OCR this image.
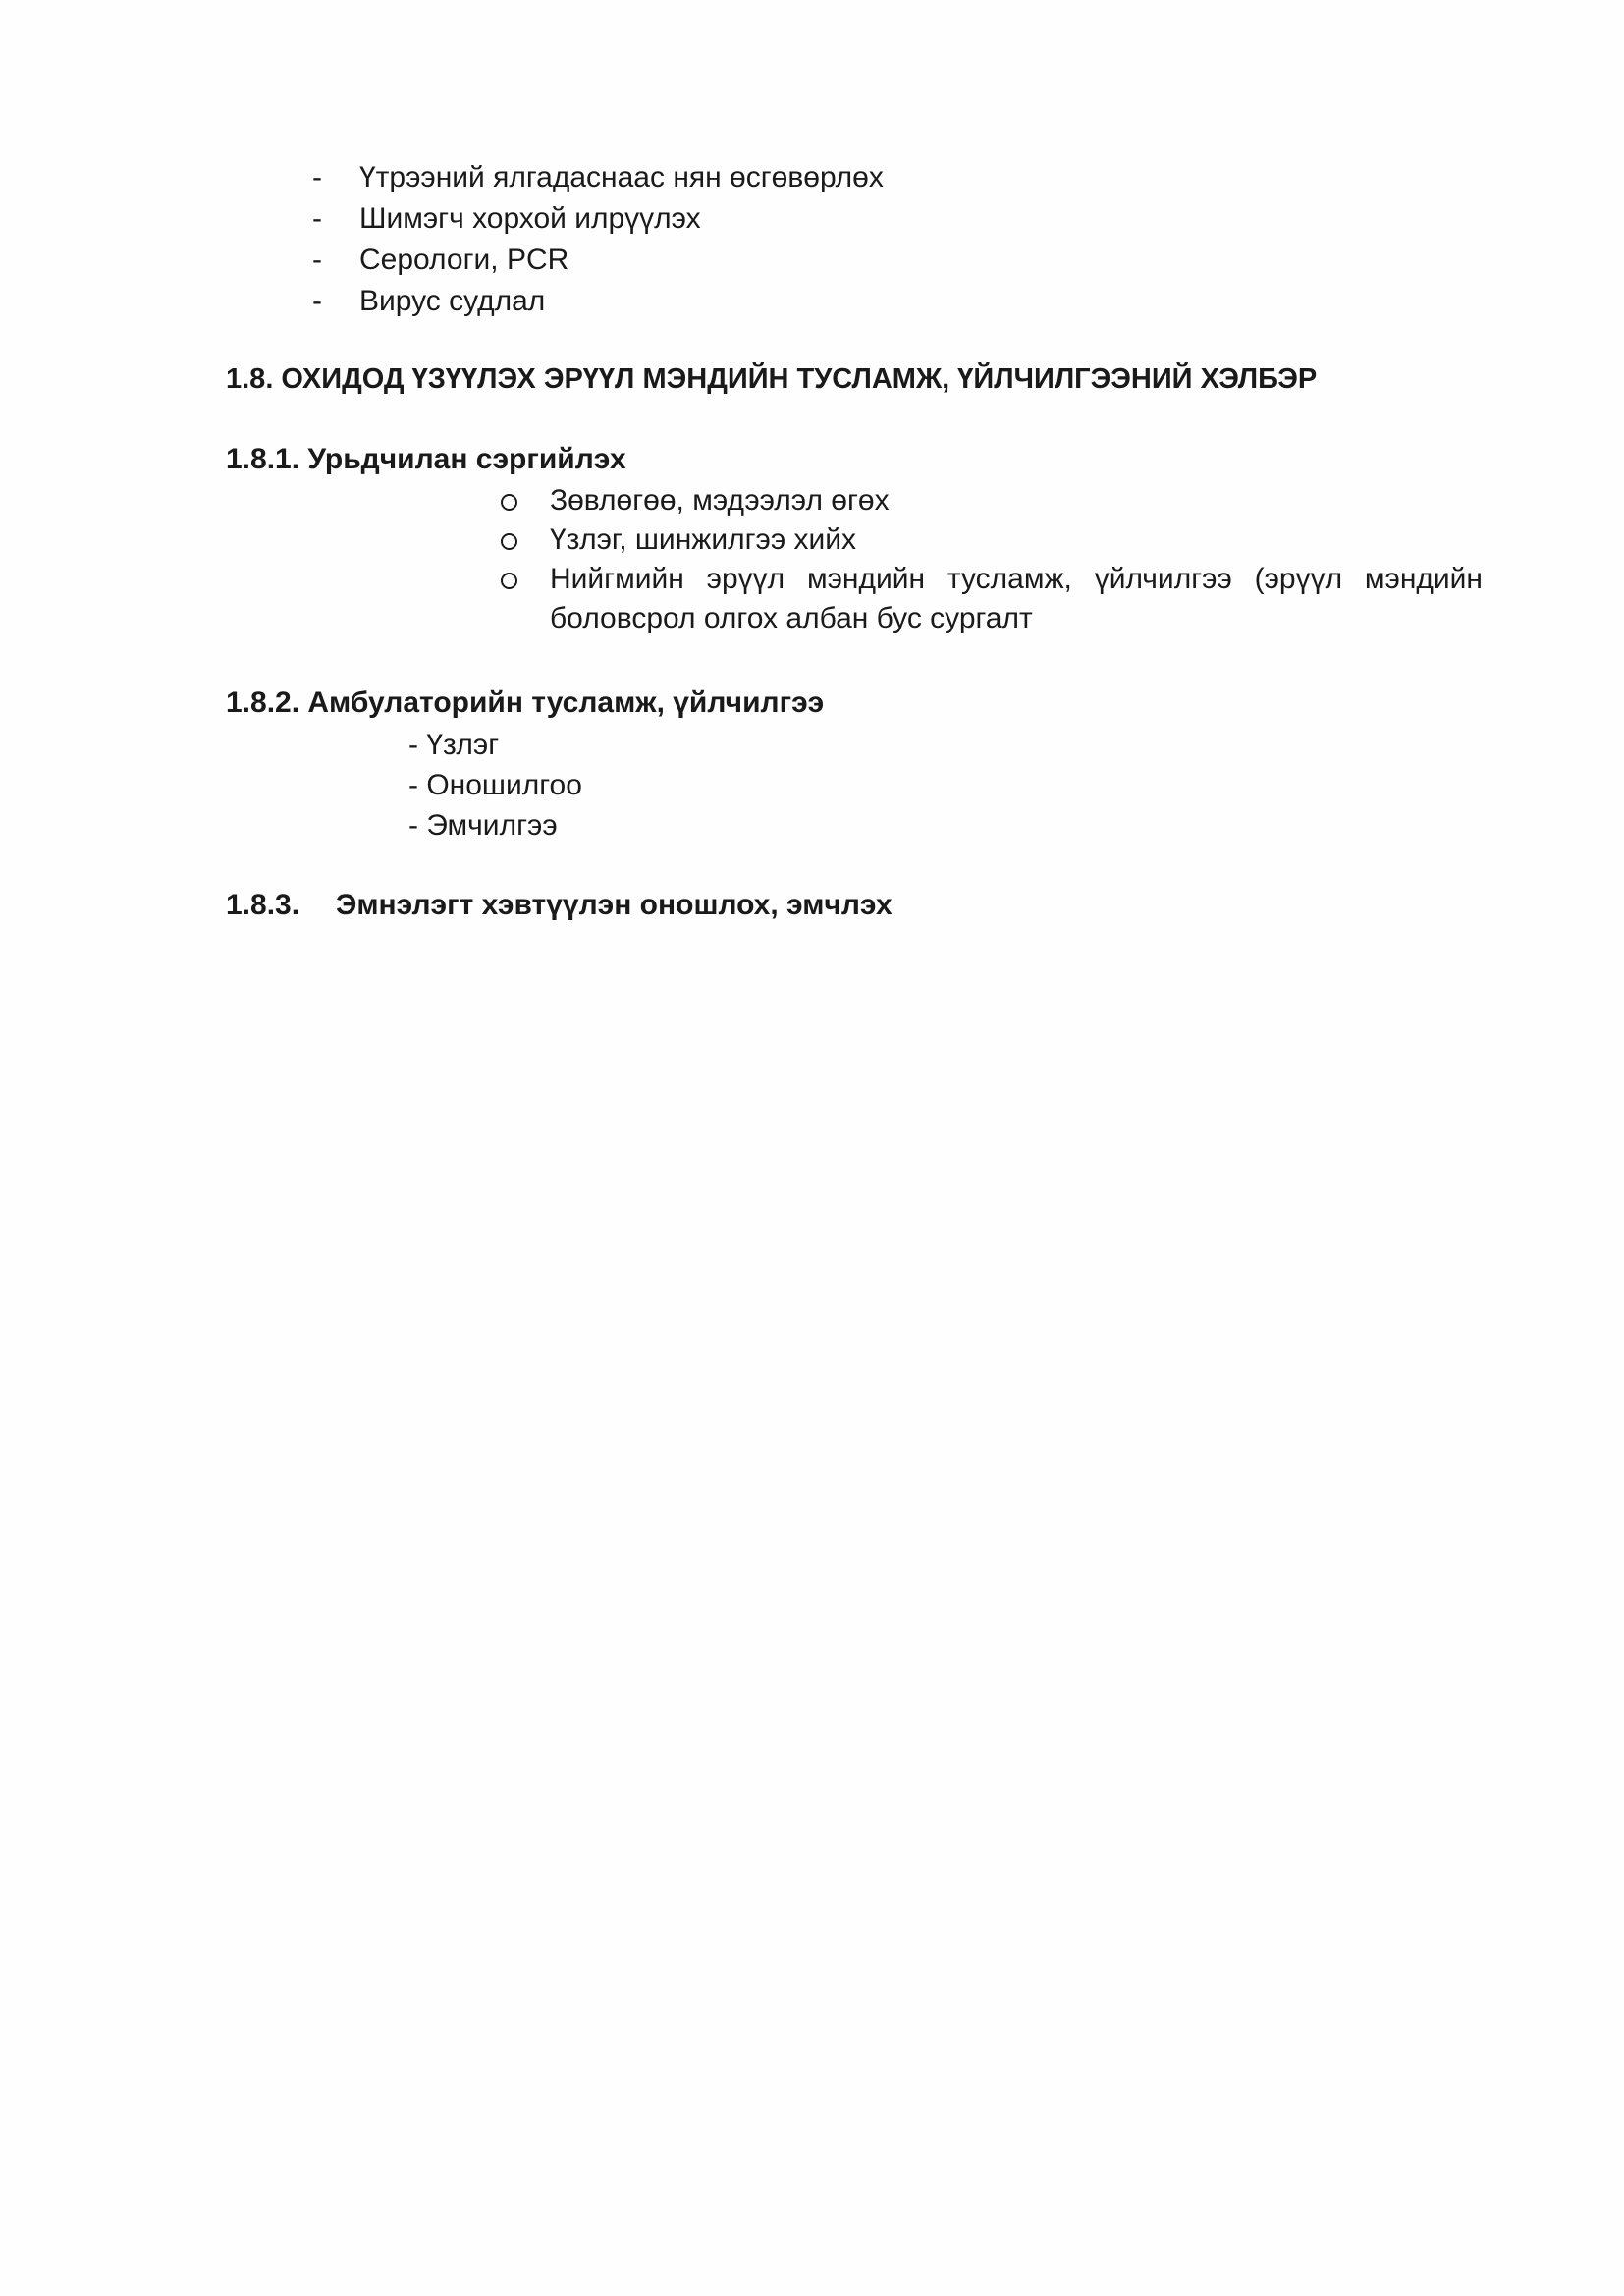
- Үтрээний ялгадаснаас нян өсгөвөрлөх
- Шимэгч хорхой илрүүлэх
- Серологи, PCR
- Вирус судлал
1.8. ОХИДОД ҮЗҮҮЛЭХ ЭРҮҮЛ МЭНДИЙН ТУСЛАМЖ, ҮЙЛЧИЛГЭЭНИЙ ХЭЛБЭР
1.8.1. Урьдчилан сэргийлэх
Зөвлөгөө, мэдээлэл өгөх
Үзлэг, шинжилгээ хийх
Нийгмийн эрүүл мэндийн тусламж, үйлчилгээ (эрүүл мэндийн
боловсрол олгох албан бус сургалт
1.8.2. Амбулаторийн тусламж, үйлчилгээ
- Үзлэг
- Оношилгоо
- Эмчилгээ
1.8.3. Эмнэлэгт хэвтүүлэн оношлох, эмчлэх
